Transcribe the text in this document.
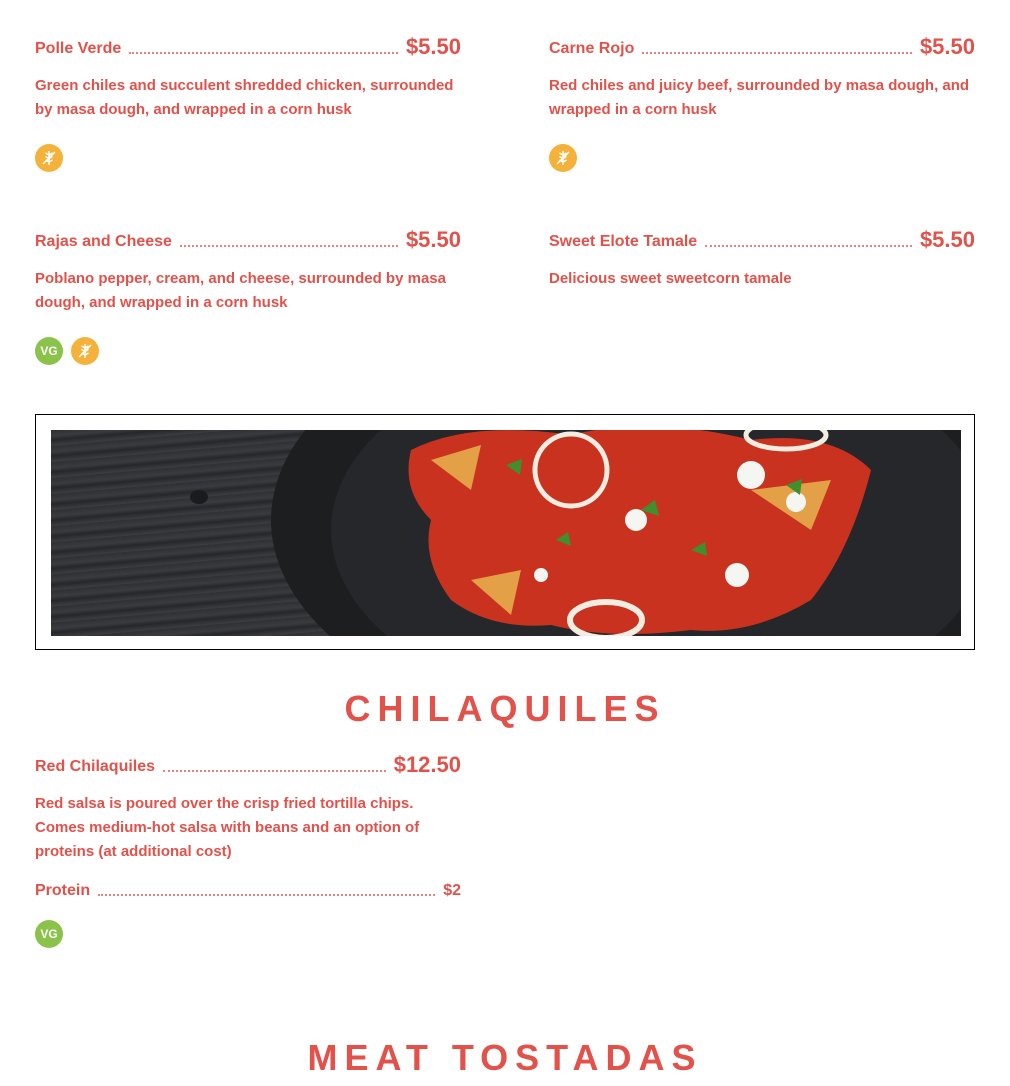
Polle Verde	$5.50
Green chiles and succulent shredded chicken, surrounded by masa dough, and wrapped in a corn husk
Carne Rojo	$5.50
Red chiles and juicy beef, surrounded by masa dough, and wrapped in a corn husk
Rajas and Cheese	$5.50
Poblano pepper, cream, and cheese, surrounded by masa dough, and wrapped in a corn husk
VG
Sweet Elote Tamale	$5.50
Delicious sweet sweetcorn tamale
CHILAQUILES
Red Chilaquiles	$12.50
Red salsa is poured over the crisp fried tortilla chips. Comes medium-hot salsa with beans and an option of proteins (at additional cost)
Protein	$2
VG
MEAT TOSTADAS
